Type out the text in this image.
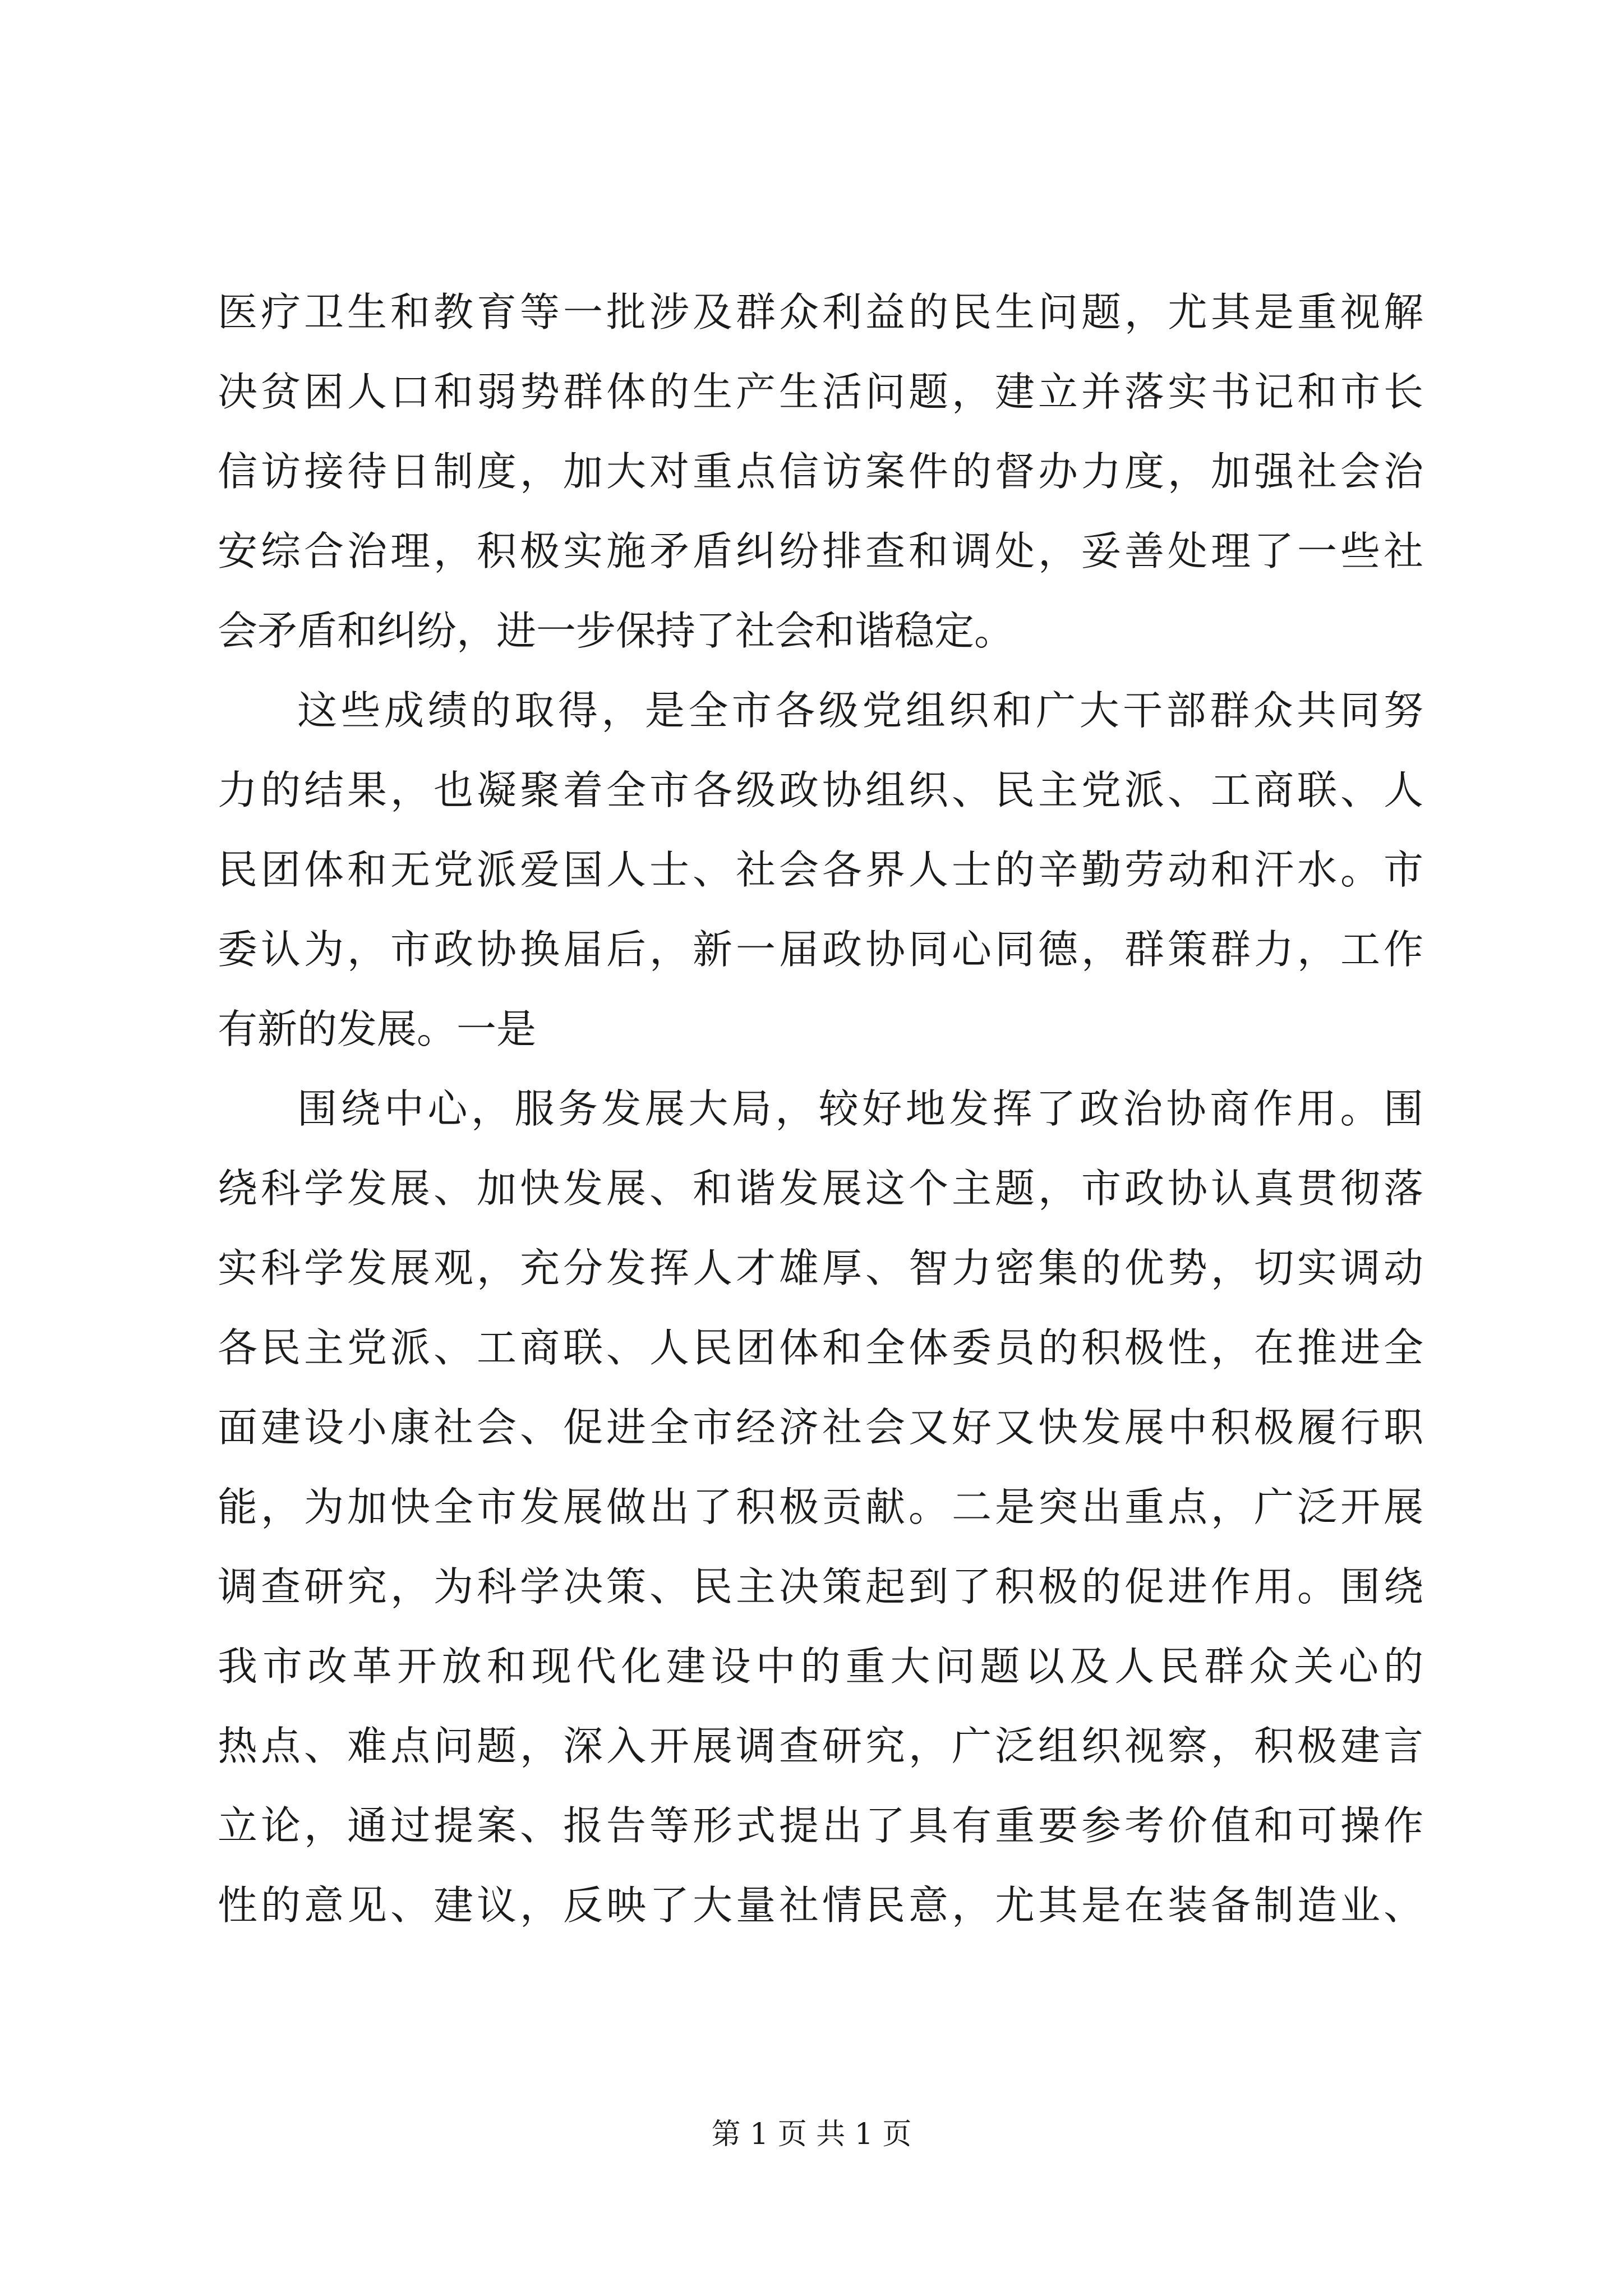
医疗卫生和教育等一批涉及群众利益的民生问题，尤其是重视解
决贫困人口和弱势群体的生产生活问题，建立并落实书记和市长
信访接待日制度，加大对重点信访案件的督办力度，加强社会治
安综合治理，积极实施矛盾纠纷排查和调处，妥善处理了一些社
会矛盾和纠纷，进一步保持了社会和谐稳定。
这些成绩的取得，是全市各级党组织和广大干部群众共同努
力的结果，也凝聚着全市各级政协组织、民主党派、工商联、人
民团体和无党派爱国人士、社会各界人士的辛勤劳动和汗水。市
委认为，市政协换届后，新一届政协同心同德，群策群力，工作
有新的发展。一是
围绕中心，服务发展大局，较好地发挥了政治协商作用。围
绕科学发展、加快发展、和谐发展这个主题，市政协认真贯彻落
实科学发展观，充分发挥人才雄厚、智力密集的优势，切实调动
各民主党派、工商联、人民团体和全体委员的积极性，在推进全
面建设小康社会、促进全市经济社会又好又快发展中积极履行职
能，为加快全市发展做出了积极贡献。二是突出重点，广泛开展
调查研究，为科学决策、民主决策起到了积极的促进作用。围绕
我市改革开放和现代化建设中的重大问题以及人民群众关心的
热点、难点问题，深入开展调查研究，广泛组织视察，积极建言
立论，通过提案、报告等形式提出了具有重要参考价值和可操作
性的意见、建议，反映了大量社情民意，尤其是在装备制造业、
第 1 页 共 1 页
